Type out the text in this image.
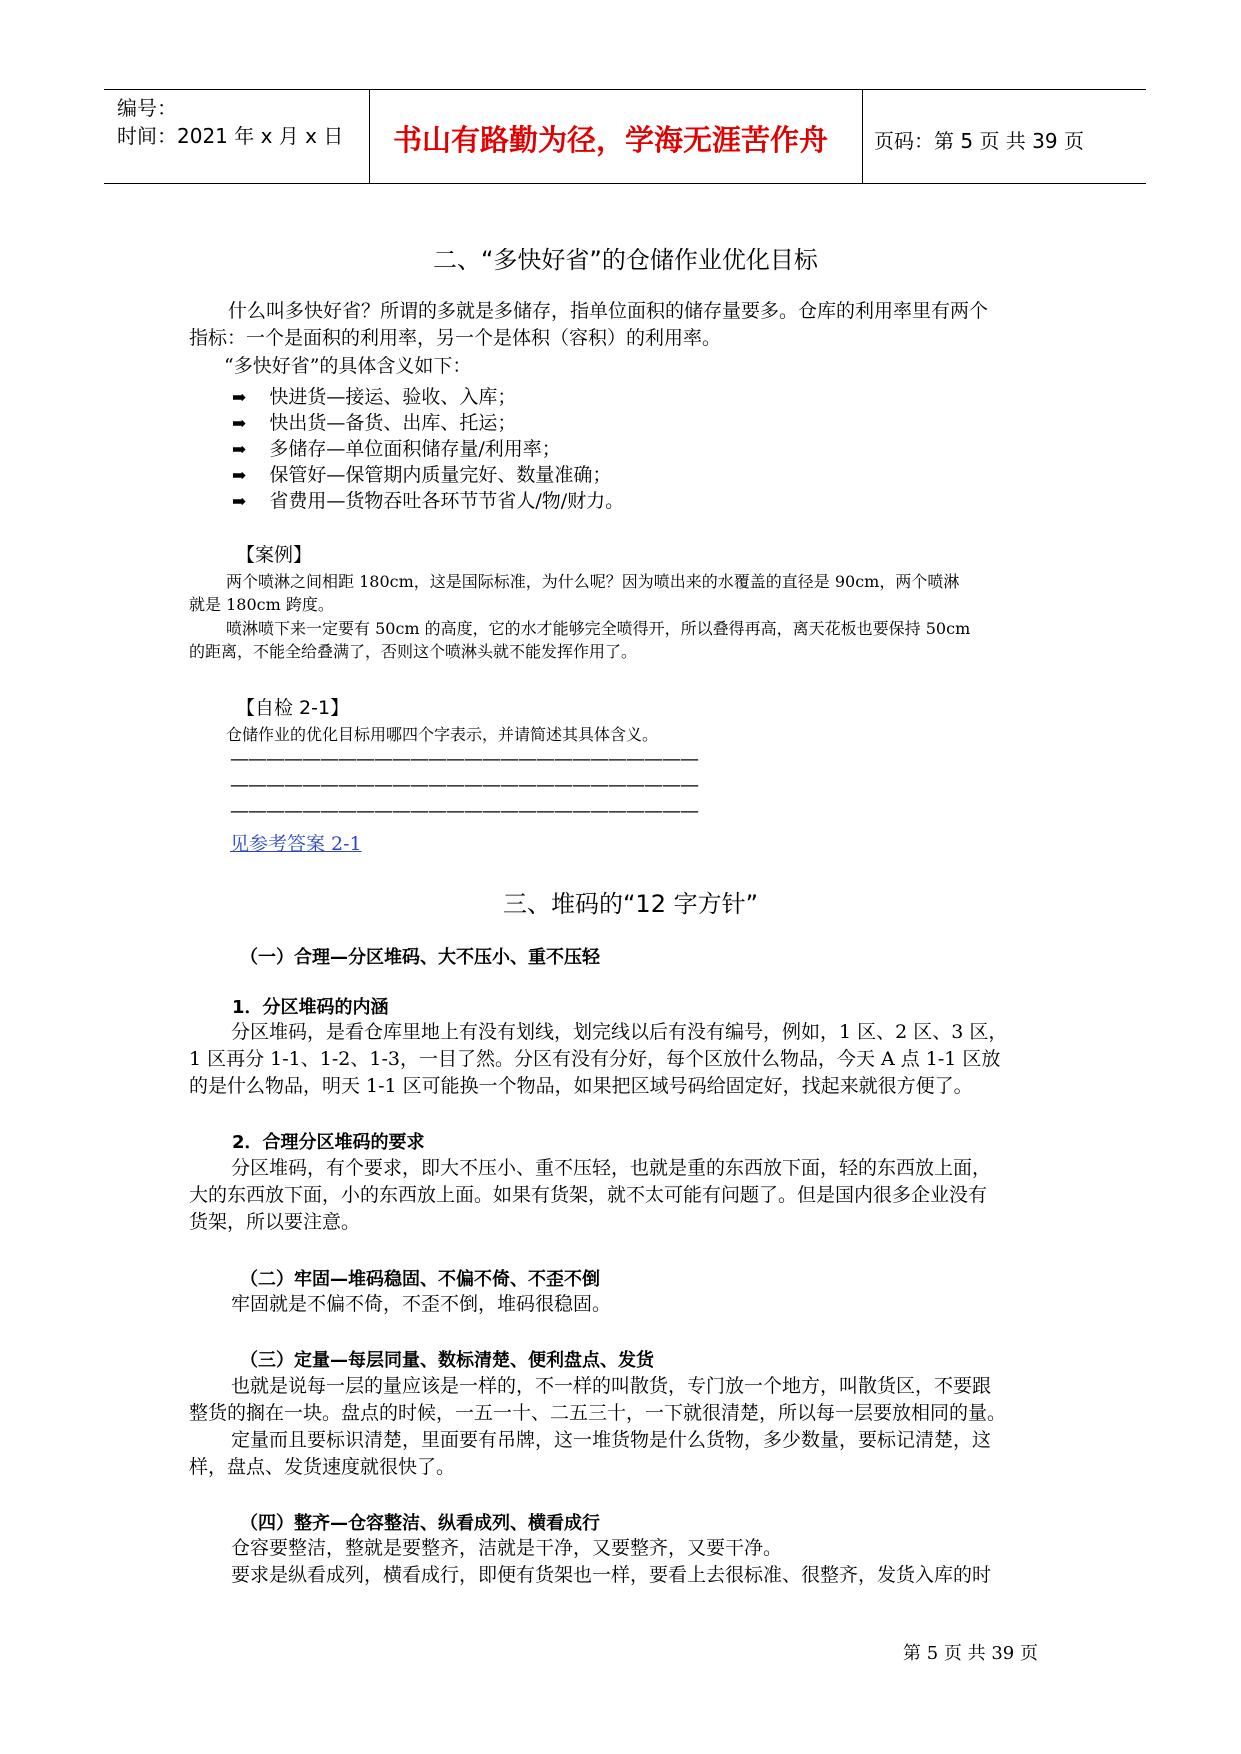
编号：
时间：2021 年 x 月 x 日 书山有路勤为径，学海无涯苦作舟 页码：第 5 页 共 39 页
二、“多快好省”的仓储作业优化目标
什么叫多快好省？所谓的多就是多储存，指单位面积的储存量要多。仓库的利用率里有两个
指标：一个是面积的利用率，另一个是体积（容积）的利用率。
“多快好省”的具体含义如下：
➡ 快进货—接运、验收、入库；
➡ 快出货—备货、出库、托运；
➡ 多储存—单位面积储存量/利用率；
➡ 保管好—保管期内质量完好、数量准确；
➡ 省费用—货物吞吐各环节节省人/物/财力。
【案例】
两个喷淋之间相距 180cm，这是国际标准，为什么呢？因为喷出来的水覆盖的直径是 90cm，两个喷淋
就是 180cm 跨度。
喷淋喷下来一定要有 50cm 的高度，它的水才能够完全喷得开，所以叠得再高，离天花板也要保持 50cm
的距离，不能全给叠满了，否则这个喷淋头就不能发挥作用了。
【自检 2-1】
仓储作业的优化目标用哪四个字表示，并请简述其具体含义。
——————————————————————————
——————————————————————————
——————————————————————————
见参考答案 2-1
三、堆码的“12 字方针”
（一）合理—分区堆码、大不压小、重不压轻
1．分区堆码的内涵
分区堆码，是看仓库里地上有没有划线，划完线以后有没有编号，例如，1 区、2 区、3 区，
1 区再分 1-1、1-2、1-3，一目了然。分区有没有分好，每个区放什么物品，今天 A 点 1-1 区放
的是什么物品，明天 1-1 区可能换一个物品，如果把区域号码给固定好，找起来就很方便了。
2．合理分区堆码的要求
分区堆码，有个要求，即大不压小、重不压轻，也就是重的东西放下面，轻的东西放上面，
大的东西放下面，小的东西放上面。如果有货架，就不太可能有问题了。但是国内很多企业没有
货架，所以要注意。
（二）牢固—堆码稳固、不偏不倚、不歪不倒
牢固就是不偏不倚，不歪不倒，堆码很稳固。
（三）定量—每层同量、数标清楚、便利盘点、发货
也就是说每一层的量应该是一样的，不一样的叫散货，专门放一个地方，叫散货区，不要跟
整货的搁在一块。盘点的时候，一五一十、二五三十，一下就很清楚，所以每一层要放相同的量。
定量而且要标识清楚，里面要有吊牌，这一堆货物是什么货物，多少数量，要标记清楚，这
样，盘点、发货速度就很快了。
（四）整齐—仓容整洁、纵看成列、横看成行
仓容要整洁，整就是要整齐，洁就是干净，又要整齐，又要干净。
要求是纵看成列，横看成行，即便有货架也一样，要看上去很标准、很整齐，发货入库的时
第 5 页 共 39 页
